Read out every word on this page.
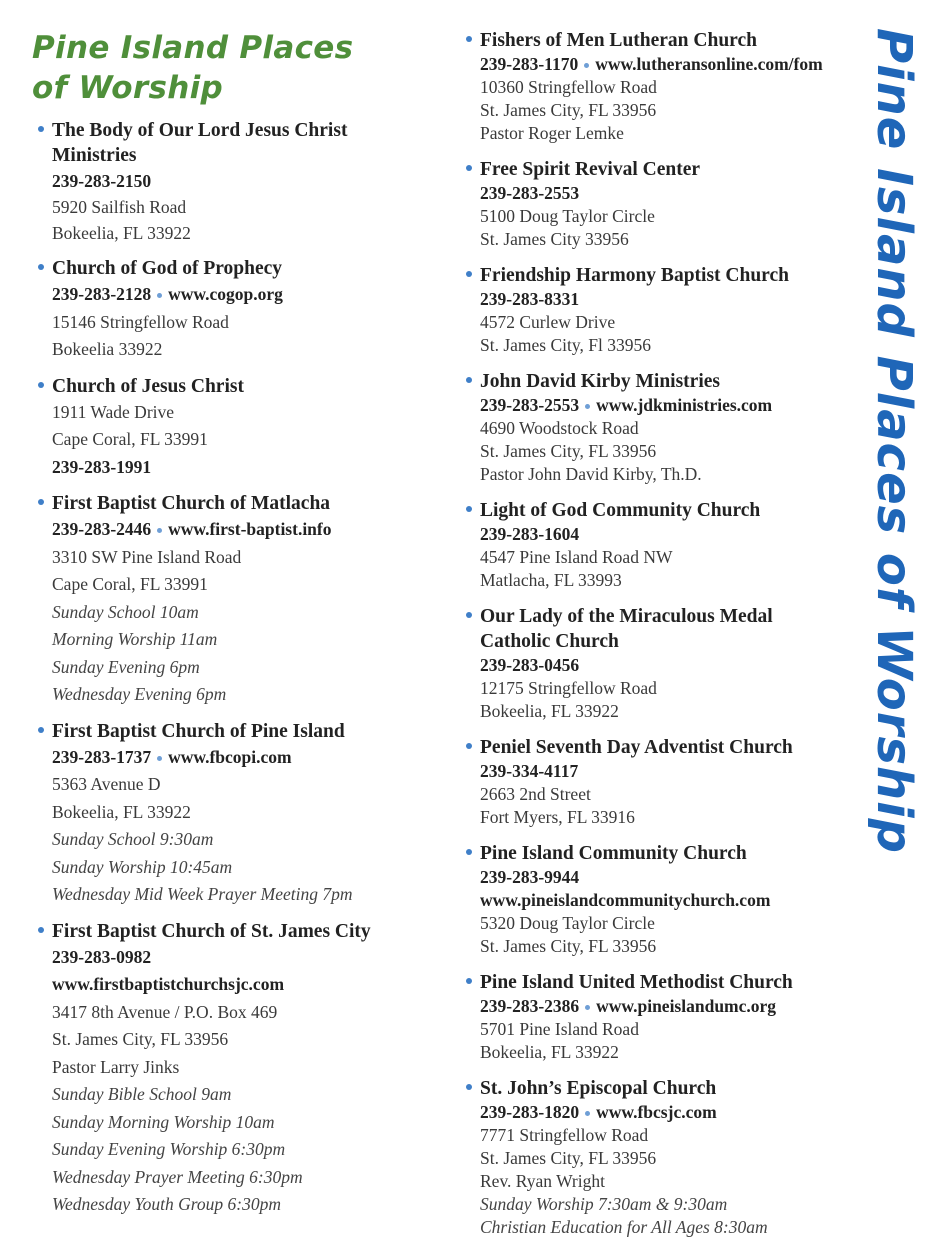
Pine Island Places
of Worship
The Body of Our Lord Jesus Christ
Ministries
239-283-2150
5920 Sailfish Road
Bokeelia, FL 33922
Church of God of Prophecy
239-283-2128 www.cogop.org
15146 Stringfellow Road
Bokeelia 33922
Church of Jesus Christ
1911 Wade Drive
Cape Coral, FL 33991
239-283-1991
First Baptist Church of Matlacha
239-283-2446 www.first-baptist.info
3310 SW Pine Island Road
Cape Coral, FL 33991
Sunday School 10am
Morning Worship 11am
Sunday Evening 6pm
Wednesday Evening 6pm
First Baptist Church of Pine Island
239-283-1737 www.fbcopi.com
5363 Avenue D
Bokeelia, FL 33922
Sunday School 9:30am
Sunday Worship 10:45am
Wednesday Mid Week Prayer Meeting 7pm
First Baptist Church of St. James City
239-283-0982
www.firstbaptistchurchsjc.com
3417 8th Avenue / P.O. Box 469
St. James City, FL 33956
Pastor Larry Jinks
Sunday Bible School 9am
Sunday Morning Worship 10am
Sunday Evening Worship 6:30pm
Wednesday Prayer Meeting 6:30pm
Wednesday Youth Group 6:30pm
Fishers of Men Lutheran Church
239-283-1170 www.lutheransonline.com/fom
10360 Stringfellow Road
St. James City, FL 33956
Pastor Roger Lemke
Free Spirit Revival Center
239-283-2553
5100 Doug Taylor Circle
St. James City 33956
Friendship Harmony Baptist Church
239-283-8331
4572 Curlew Drive
St. James City, Fl 33956
John David Kirby Ministries
239-283-2553 www.jdkministries.com
4690 Woodstock Road
St. James City, FL 33956
Pastor John David Kirby, Th.D.
Light of God Community Church
239-283-1604
4547 Pine Island Road NW
Matlacha, FL 33993
Our Lady of the Miraculous Medal
Catholic Church
239-283-0456
12175 Stringfellow Road
Bokeelia, FL 33922
Peniel Seventh Day Adventist Church
239-334-4117
2663 2nd Street
Fort Myers, FL 33916
Pine Island Community Church
239-283-9944
www.pineislandcommunitychurch.com
5320 Doug Taylor Circle
St. James City, FL 33956
Pine Island United Methodist Church
239-283-2386 www.pineislandumc.org
5701 Pine Island Road
Bokeelia, FL 33922
St. John’s Episcopal Church
239-283-1820 www.fbcsjc.com
7771 Stringfellow Road
St. James City, FL 33956
Rev. Ryan Wright
Sunday Worship 7:30am & 9:30am
Christian Education for All Ages 8:30am
Pine Island Places of Worship
